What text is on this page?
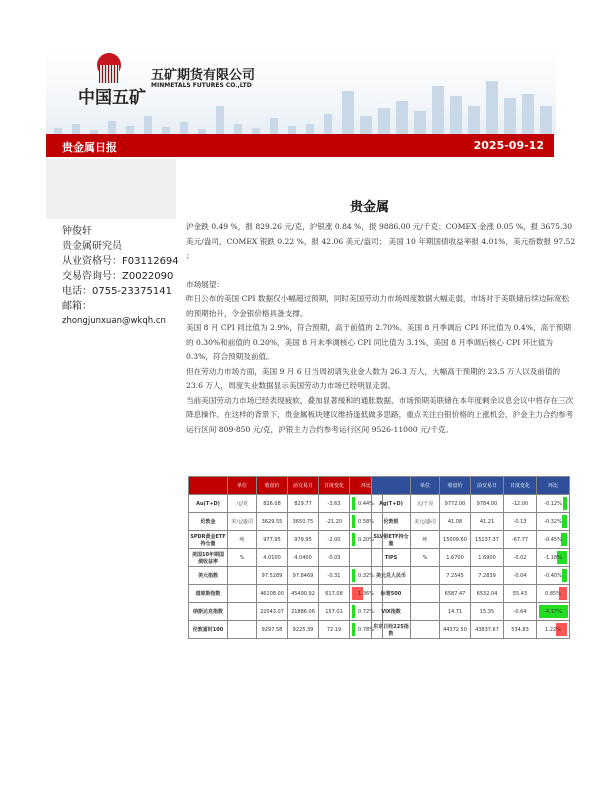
中国五矿
五矿期货有限公司
MINMETALS FUTURES CO.,LTD
贵金属日报	2025-09-12
钟俊轩
贵金属研究员
从业资格号：F03112694
交易咨询号：Z0022090
电话：0755-23375141
邮箱：
zhongjunxuan@wkqh.cn
贵金属

沪金跌 0.49 %，报 829.26 元/克，沪银涨 0.84 %，报 9886.00 元/千克；COMEX 金涨 0.05 %，报 3675.30 美元/盎司，COMEX 银跌 0.22 %，报 42.06 美元/盎司； 美国 10 年期国债收益率报 4.01%，美元指数报 97.52 ；

市场展望：

昨日公布的美国 CPI 数据仅小幅超过预期，同时美国劳动力市场周度数据大幅走弱，市场对于美联储后续边际宽松的预期抬升，令金银价格具备支撑。

美国 8 月 CPI 同比值为 2.9%，符合预期，高于前值的 2.70%。美国 8 月季调后 CPI 环比值为 0.4%，高于预期的 0.30%和前值的 0.20%，美国 8 月未季调核心 CPI 同比值为 3.1%，美国 8 月季调后核心 CPI 环比值为 0.3%，符合预期及前值。

但在劳动力市场方面，美国 9 月 6 日当周初请失业金人数为 26.3 万人，大幅高于预期的 23.5 万人以及前值的 23.6 万人，周度失业数据显示美国劳动力市场已经明显走弱。

当前美国劳动力市场已经表现疲软，叠加显著缓和的通胀数据，市场预期美联储在本年度剩余议息会议中将存在三次降息操作。在这样的背景下，贵金属板块建议维持逢低做多思路，重点关注白银价格的上涨机会，沪金主力合约参考运行区间 809-850 元/克，沪银主力合约参考运行区间 9526-11000 元/千克。

	单位	收盘价	前交易日	日度变化	环比
Au(T+D)	元/克	826.08	829.77	-3.63	0.44%
伦敦金	美元/盎司	3629.55	3650.75	-21.20	0.58%
SPDR黄金ETF持仓量	吨	977.95	979.95	-2.00	0.20%
美国10年期国债收益率	%	4.0100	4.0400	-0.03	
美元指数		97.5289	97.8469	-0.31	0.32%
道琼斯指数		46108.00	45490.92	617.08	1.36%
纳斯达克指数		22043.07	21886.06	157.01	0.72%
伦敦富时100		9297.58	9225.39	72.19	0.78%
	单位	收盘价	前交易日	日度变化	环比
Ag(T+D)	元/千克	9772.00	9784.00	-12.00	-0.12%
伦敦银	美元/盎司	41.08	41.21	-0.13	-0.32%
SLV银ETF持仓量	吨	15009.60	15137.37	-67.77	-0.45%
TIPS	%	1.6700	1.6900	-0.02	-1.18%
美元兑人民币		7.2545	7.2839	-0.04	-0.40%
标普500		6587.47	6532.04	55.43	0.85%
VIX指数		14.71	15.35	-0.64	-4.17%
东京日经225指数		44372.50	43837.67	534.83	1.22%
